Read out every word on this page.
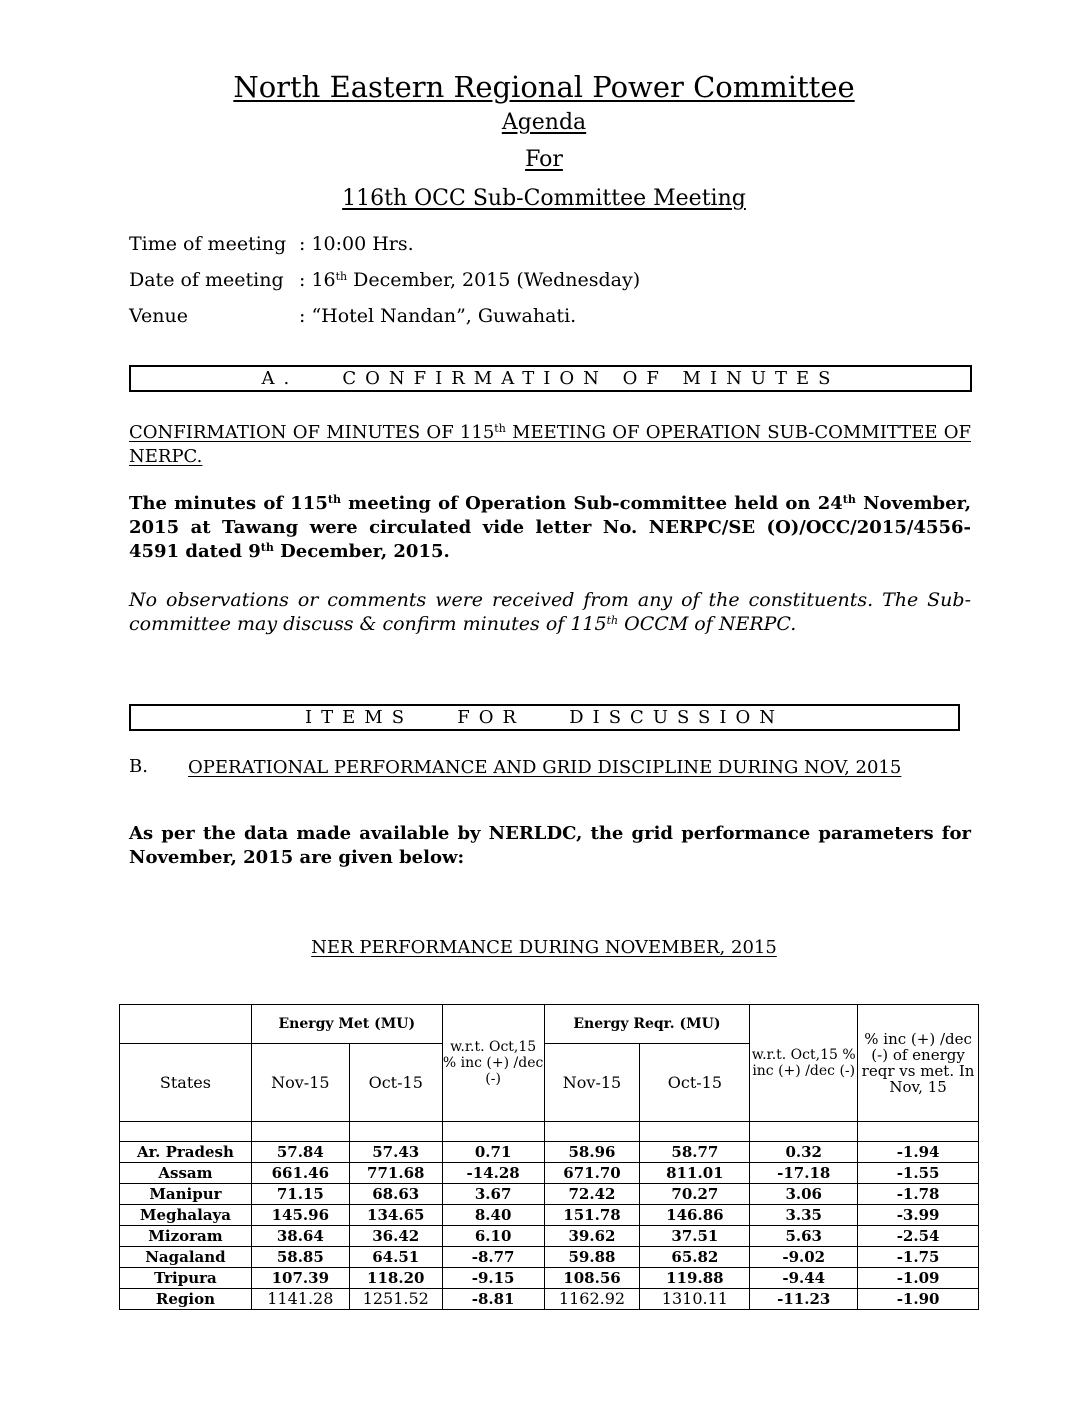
North Eastern Regional Power Committee
Agenda
For
116th OCC Sub-Committee Meeting
Time of meeting : 10:00 Hrs.
Date of meeting : 16th December, 2015 (Wednesday)
Venue	: “Hotel Nandan”, Guwahati.
A.   CONFIRMATION OF MINUTES
CONFIRMATION OF MINUTES OF 115th MEETING OF OPERATION SUB-COMMITTEE OF NERPC.
The minutes of 115th meeting of Operation Sub-committee held on 24th November, 2015 at Tawang were circulated vide letter No. NERPC/SE (O)/OCC/2015/4556-4591 dated 9th December, 2015.
No observations or comments were received from any of the constituents. The Sub-committee may discuss & confirm minutes of 115th OCCM of NERPC.
ITEMS   FOR   DISCUSSION
B. OPERATIONAL PERFORMANCE AND GRID DISCIPLINE DURING NOV, 2015
As per the data made available by NERLDC, the grid performance parameters for November, 2015 are given below:
NER PERFORMANCE DURING NOVEMBER, 2015
	Energy Met (MU)		w.r.t. Oct,15 % inc (+) /dec (-)	Energy Reqr. (MU)		w.r.t. Oct,15 % inc (+) /dec (-)	% inc (+) /dec (-) of energy reqr vs met. In Nov, 15
States	Nov-15	Oct-15		Nov-15	Oct-15		

Ar. Pradesh	57.84	57.43	0.71	58.96	58.77	0.32	-1.94
Assam	661.46	771.68	-14.28	671.70	811.01	-17.18	-1.55
Manipur	71.15	68.63	3.67	72.42	70.27	3.06	-1.78
Meghalaya	145.96	134.65	8.40	151.78	146.86	3.35	-3.99
Mizoram	38.64	36.42	6.10	39.62	37.51	5.63	-2.54
Nagaland	58.85	64.51	-8.77	59.88	65.82	-9.02	-1.75
Tripura	107.39	118.20	-9.15	108.56	119.88	-9.44	-1.09
Region	1141.28	1251.52	-8.81	1162.92	1310.11	-11.23	-1.90
